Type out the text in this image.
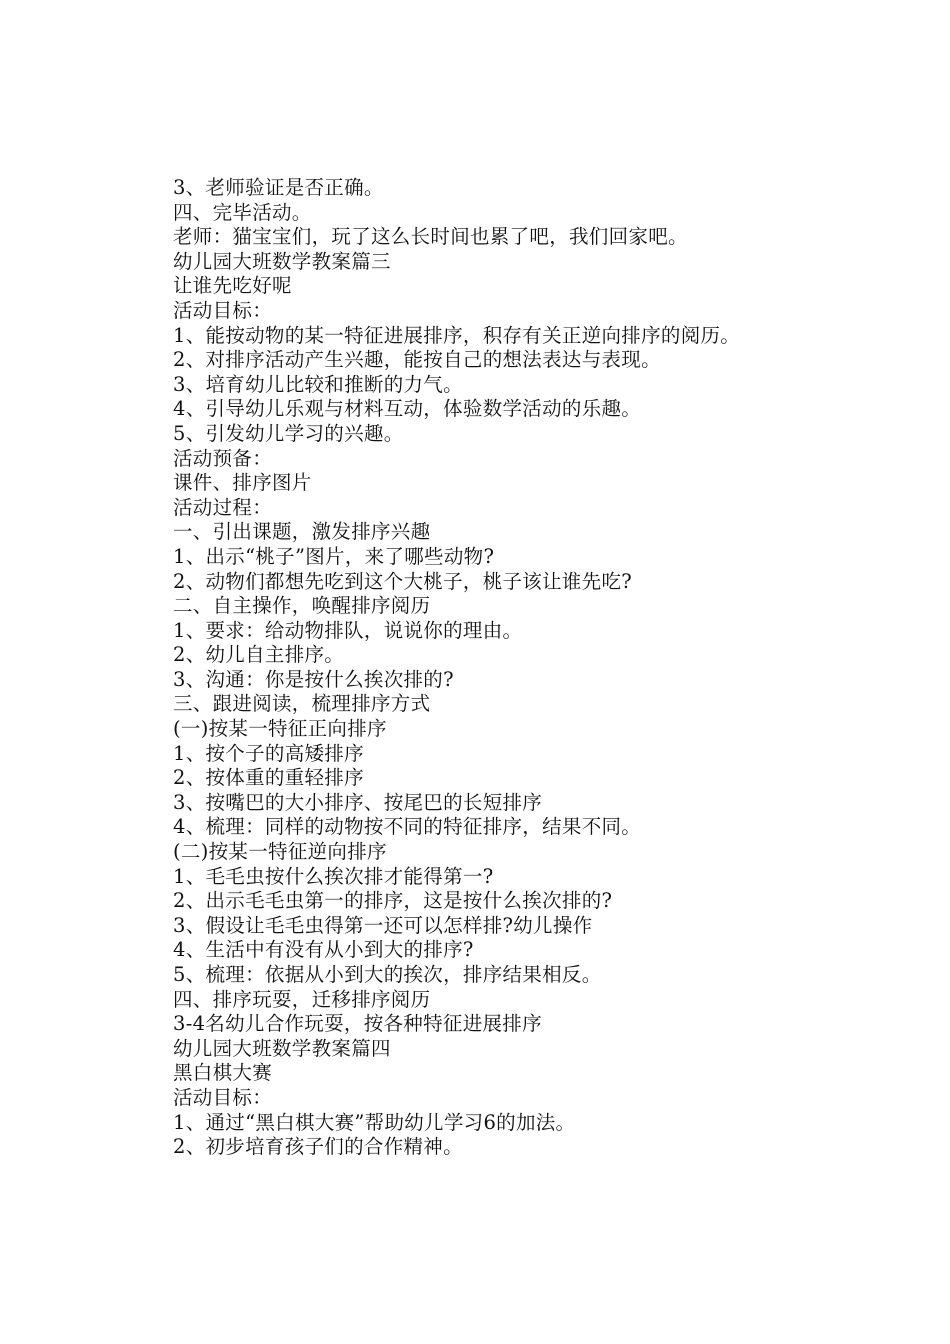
3、老师验证是否正确。
四、完毕活动。
老师：猫宝宝们，玩了这么长时间也累了吧，我们回家吧。
幼儿园大班数学教案篇三
让谁先吃好呢
活动目标：
1、能按动物的某一特征进展排序，积存有关正逆向排序的阅历。
2、对排序活动产生兴趣，能按自己的想法表达与表现。
3、培育幼儿比较和推断的力气。
4、引导幼儿乐观与材料互动，体验数学活动的乐趣。
5、引发幼儿学习的兴趣。
活动预备：
课件、排序图片
活动过程：
一、引出课题，激发排序兴趣
1、出示“桃子”图片，来了哪些动物?
2、动物们都想先吃到这个大桃子，桃子该让谁先吃?
二、自主操作，唤醒排序阅历
1、要求：给动物排队，说说你的理由。
2、幼儿自主排序。
3、沟通：你是按什么挨次排的?
三、跟进阅读，梳理排序方式
(一)按某一特征正向排序
1、按个子的高矮排序
2、按体重的重轻排序
3、按嘴巴的大小排序、按尾巴的长短排序
4、梳理：同样的动物按不同的特征排序，结果不同。
(二)按某一特征逆向排序
1、毛毛虫按什么挨次排才能得第一?
2、出示毛毛虫第一的排序，这是按什么挨次排的?
3、假设让毛毛虫得第一还可以怎样排?幼儿操作
4、生活中有没有从小到大的排序?
5、梳理：依据从小到大的挨次，排序结果相反。
四、排序玩耍，迁移排序阅历
3-4名幼儿合作玩耍，按各种特征进展排序
幼儿园大班数学教案篇四
黑白棋大赛
活动目标：
1、通过“黑白棋大赛”帮助幼儿学习6的加法。
2、初步培育孩子们的合作精神。
